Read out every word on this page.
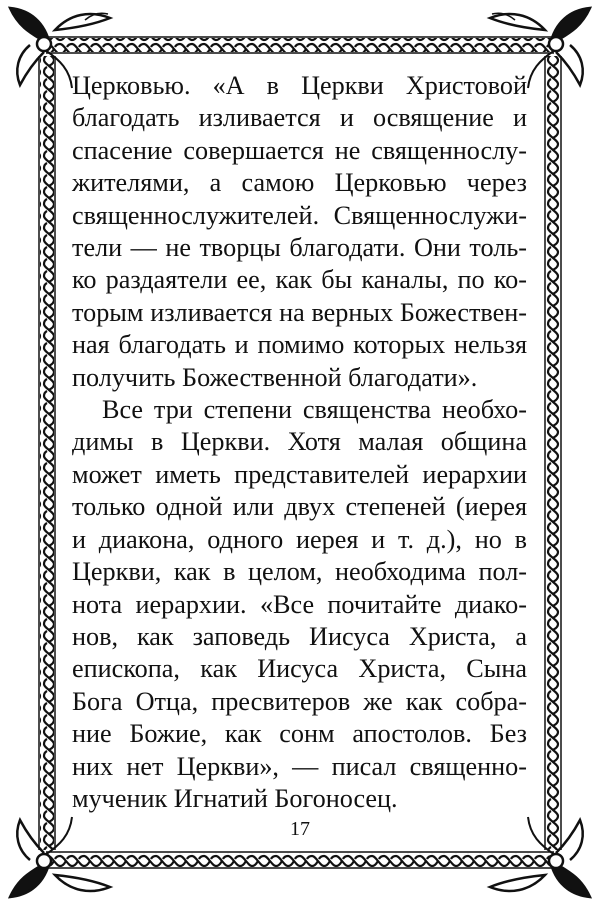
Церковью. «А в Церкви Христовой
благодать изливается и освящение и
спасение совершается не священнослу-
жителями, а самою Церковью через
священнослужителей. Священнослужи-
тели — не творцы благодати. Они толь-
ко раздаятели ее, как бы каналы, по ко-
торым изливается на верных Божествен-
ная благодать и помимо которых нельзя
получить Божественной благодати».
Все три степени священства необхо-
димы в Церкви. Хотя малая община
может иметь представителей иерархии
только одной или двух степеней (иерея
и диакона, одного иерея и т. д.), но в
Церкви, как в целом, необходима пол-
нота иерархии. «Все почитайте диако-
нов, как заповедь Иисуса Христа, а
епископа, как Иисуса Христа, Сына
Бога Отца, пресвитеров же как собра-
ние Божие, как сонм апостолов. Без
них нет Церкви», — писал священно-
мученик Игнатий Богоносец.
17
